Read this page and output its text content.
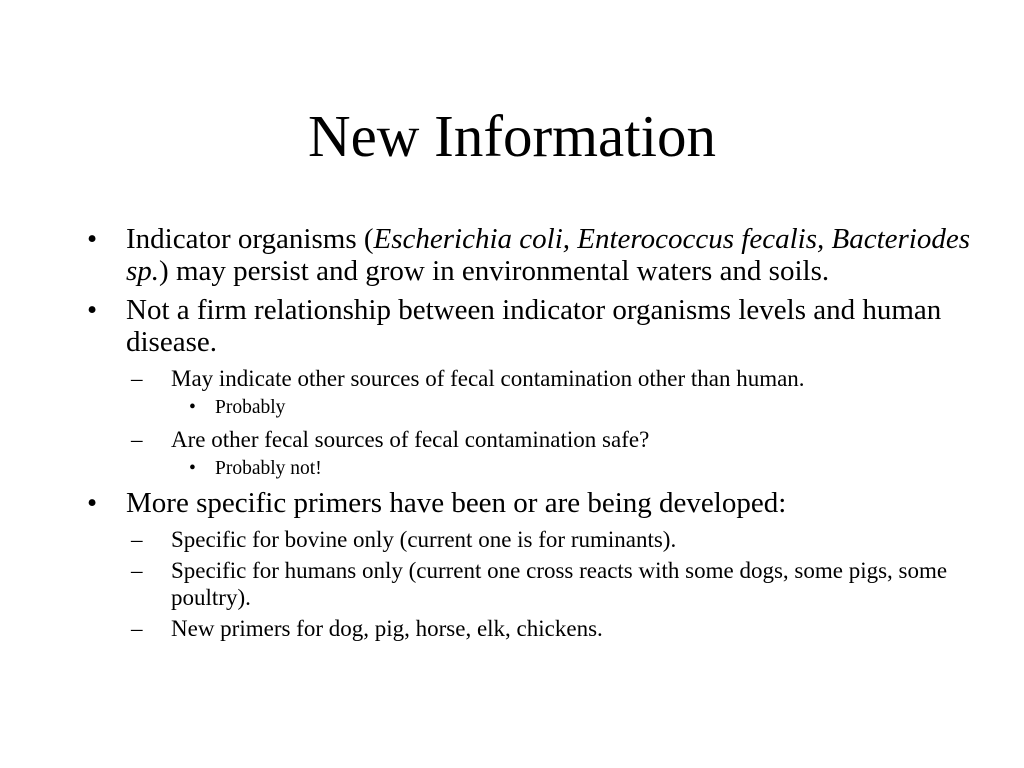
New Information
• Indicator organisms (Escherichia coli, Enterococcus fecalis, Bacteriodes sp.) may persist and grow in environmental waters and soils.
• Not a firm relationship between indicator organisms levels and human disease.
– May indicate other sources of fecal contamination other than human.
• Probably
– Are other fecal sources of fecal contamination safe?
• Probably not!
• More specific primers have been or are being developed:
– Specific for bovine only (current one is for ruminants).
– Specific for humans only (current one cross reacts with some dogs, some pigs, some poultry).
– New primers for dog, pig, horse, elk, chickens.
